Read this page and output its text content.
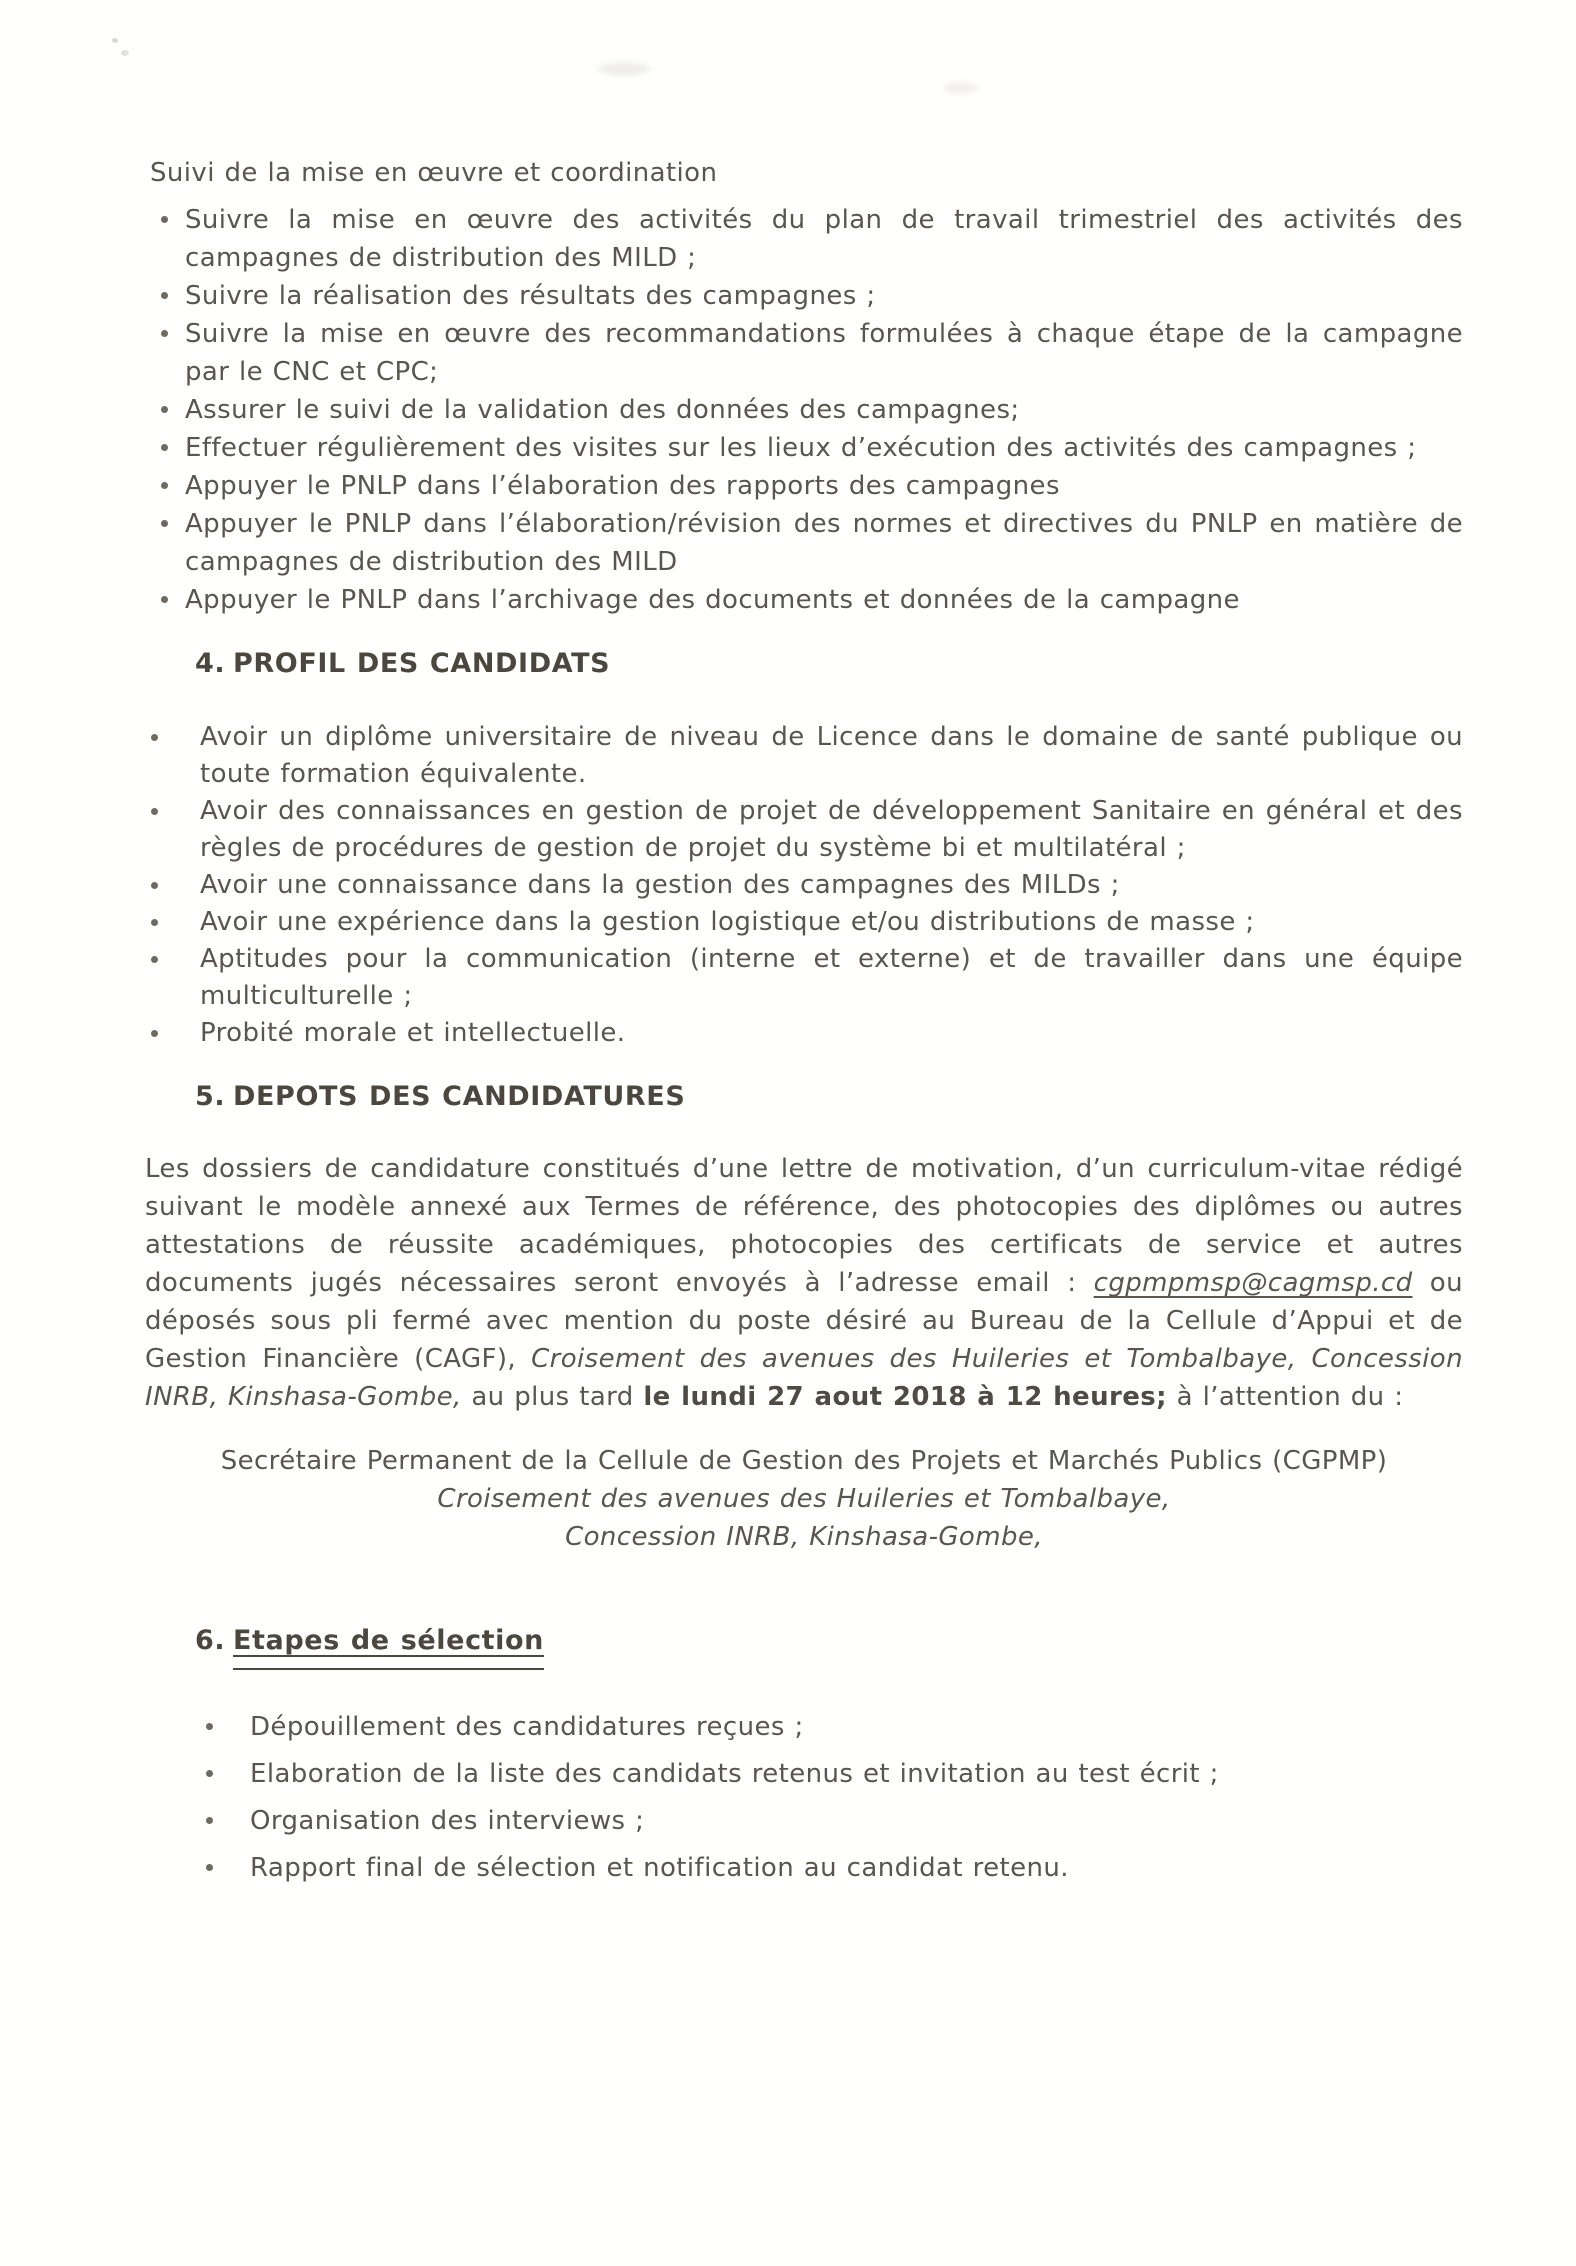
Suivi de la mise en œuvre et coordination

Suivre la mise en œuvre des activités du plan de travail trimestriel des activités des campagnes de distribution des MILD ;
Suivre la réalisation des résultats des campagnes ;
Suivre la mise en œuvre des recommandations formulées à chaque étape de la campagne par le CNC et CPC;
Assurer le suivi de la validation des données des campagnes;
Effectuer régulièrement des visites sur les lieux d’exécution des activités des campagnes ;
Appuyer le PNLP dans l’élaboration des rapports des campagnes
Appuyer le PNLP dans l’élaboration/révision des normes et directives du PNLP en matière de campagnes de distribution des MILD
Appuyer le PNLP dans l’archivage des documents et données de la campagne
4. PROFIL DES CANDIDATS
Avoir un diplôme universitaire de niveau de Licence dans le domaine de santé publique ou toute formation équivalente.
Avoir des connaissances en gestion de projet de développement Sanitaire en général et des règles de procédures de gestion de projet du système bi et multilatéral ;
Avoir une connaissance dans la gestion des campagnes des MILDs ;
Avoir une expérience dans la gestion logistique et/ou distributions de masse ;
Aptitudes pour la communication (interne et externe) et de travailler dans une équipe multiculturelle ;
Probité morale et intellectuelle.
5. DEPOTS DES CANDIDATURES

Les dossiers de candidature constitués d’une lettre de motivation, d’un curriculum-vitae rédigé suivant le modèle annexé aux Termes de référence, des photocopies des diplômes ou autres attestations de réussite académiques, photocopies des certificats de service et autres documents jugés nécessaires seront envoyés à l’adresse email : cgpmpmsp@cagmsp.cd ou déposés sous pli fermé avec mention du poste désiré au Bureau de la Cellule d’Appui et de Gestion Financière (CAGF), Croisement des avenues des Huileries et Tombalbaye, Concession INRB, Kinshasa-Gombe, au plus tard le lundi 27 aout 2018 à 12 heures; à l’attention du :

Secrétaire Permanent de la Cellule de Gestion des Projets et Marchés Publics (CGPMP)

Croisement des avenues des Huileries et Tombalbaye,

Concession INRB, Kinshasa-Gombe,

6. Etapes de sélection
Dépouillement des candidatures reçues ;
Elaboration de la liste des candidats retenus et invitation au test écrit ;
Organisation des interviews ;
Rapport final de sélection et notification au candidat retenu.
